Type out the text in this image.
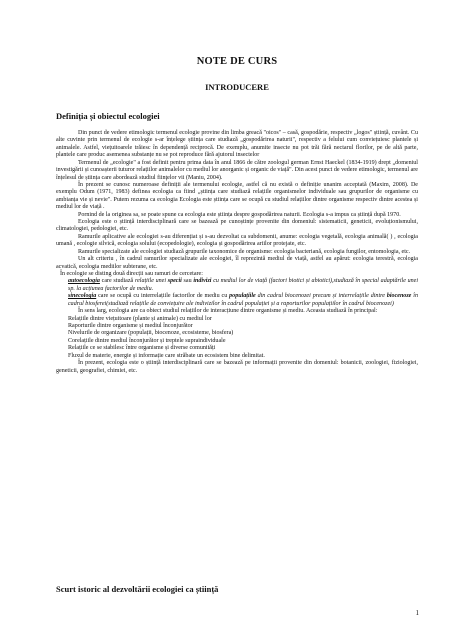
NOTE DE CURS
INTRODUCERE
Definiția și obiectul ecologiei

Din punct de vedere etimologic termenul ecologie provine din limba greacă "oicos" – casă, gospodărie, respectiv „logos" știință, cuvânt. Cu alte cuvinte prin termenul de ecologie s-ar înțelege știința care studiază „gospodărirea naturii", respectiv a felului cum conviețuiesc plantele și animalele. Astfel, viețuitoarele trăiesc în dependență reciprocă. De exemplu, anumite insecte nu pot trăi fără nectarul florilor, pe de altă parte, plantele care produc asemenea substanțe nu se pot reproduce fără ajutorul insectelor

Termenul de „ecologie" a fost definit pentru prima data în anul 1866 de către zoologul german Ernst Haeckel (1834-1919) drept „domeniul investigării și cunoașterii tuturor relațiilor animalelor cu mediul lor anorganic și organic de viață". Din acest punct de vedere etimologic, termenul are înțelesul de știința care abordează studiul fiinţelor vii (Maniu, 2004).

În prezent se cunosc numeroase definiții ale termenului ecologie, astfel că nu există o definiție unanim acceptată (Maxim, 2008). De exemplu Odum (1971, 1983) definea ecologia ca fiind „știința care studiază relațiile organismelor individuale sau grupurilor de organisme cu ambianța vie și nevie". Putem rezuma ca ecologia Ecologia este știința care se ocupă cu studiul relațiilor dintre organisme respectiv dintre acestea și mediul lor de viață .

Pornind de la originea sa, se poate spune ca ecologia este știința despre gospodărirea naturii. Ecologia s-a impus ca știință după 1970.

Ecologia este o știință interdisciplinară care se bazează pe cunoștințe provenite din domeniul: sistematicii, geneticii, evoluționismului, climatologiei, pedologiei, etc.

Ramurile aplicative ale ecologiei s-au diferențiat și s-au dezvoltat ca subdomenii, anume: ecologia vegetală, ecologia animală( ) , ecologia umană , ecologie silvică, ecologia solului (ecopedologie), ecologia și gospodărirea ariilor protejate, etc.

Ramurile specializate ale ecologiei studiază grupurile taxonomice de organisme: ecologia bacteriană, ecologia fungilor, entomologia, etc.

Un alt criteriu , în cadrul ramurilor specializate ale ecologiei, îl reprezintă mediul de viață, astfel au apărut: ecologia terestră, ecologia acvatică, ecologia mediilor subterane, etc.

În ecologie se disting două direcții sau ramuri de cercetare:

autoecologia care studiază relațiile unei specii sau indivizi cu mediul lor de viață (factori biotici și abiotici),studiază în special adaptările unei sp. la acțiunea factorilor de mediu.

sinecologia care se ocupă cu interrelațiile factorilor de mediu cu populațiile din cadrul biocenozei precum și interrelațiile dintre biocenoze în cadrul biosferei(studiază relațiile de conviețuire ale indivizilor în cadrul populației și a raporturilor populațiilor în cadrul biocenozei)

În sens larg, ecologia are ca obiect studiul relațiilor de interacțiune dintre organisme și mediu. Aceasta studiază în principal:

Relațiile dintre viețuitoare (plante și animale) cu mediul lor

Raporturile dintre organisme și mediul înconjurător

Nivelurile de organizare (populații, biocenoze, ecosisteme, biosfera)

Corelațiile dintre mediul înconjurător și treptele supraindividuale

Relațiile ce se stabilesc între organisme și diverse comunități

Fluxul de materie, energie și informație care străbate un ecosistem bine delimitat.

În prezent, ecologia este o știință interdisciplinară care se bazează pe informații provenite din domeniul: botanicii, zoologiei, fiziologiei, geneticii, geografiei, chimiei, etc.

Scurt istoric al dezvoltării ecologiei ca știință
1
